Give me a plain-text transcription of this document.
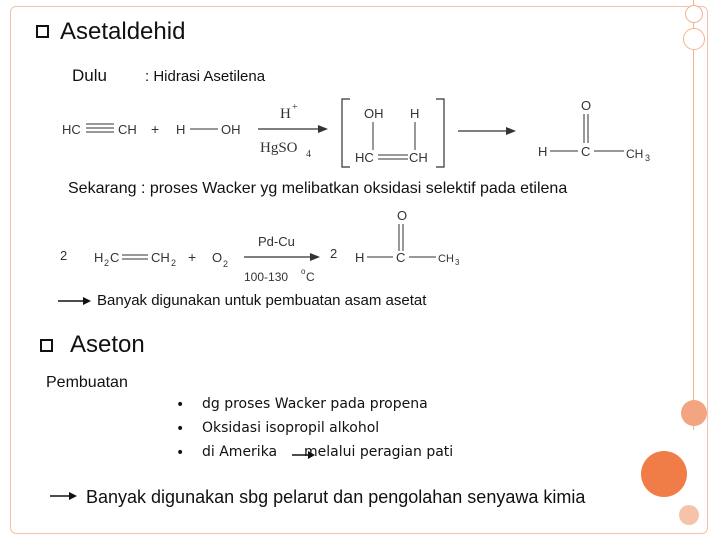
Asetaldehid
Dulu	: Hidrasi Asetilena
HC	CH + H	OH
H +
HgSO 4
OH H
HC	CH
O
H	C	CH 3
Sekarang : proses Wacker yg melibatkan oksidasi selektif pada etilena
2 H 2 C CH 2 + O 2
Pd-Cu
100-130 o C
2
O
H C	CH 3
Banyak digunakan untuk pembuatan asam asetat
Aseton
Pembuatan
• dg proses Wacker pada propena
• Oksidasi isopropil alkohol
• di Amerika melalui peragian pati
Banyak digunakan sbg pelarut dan pengolahan senyawa kimia
